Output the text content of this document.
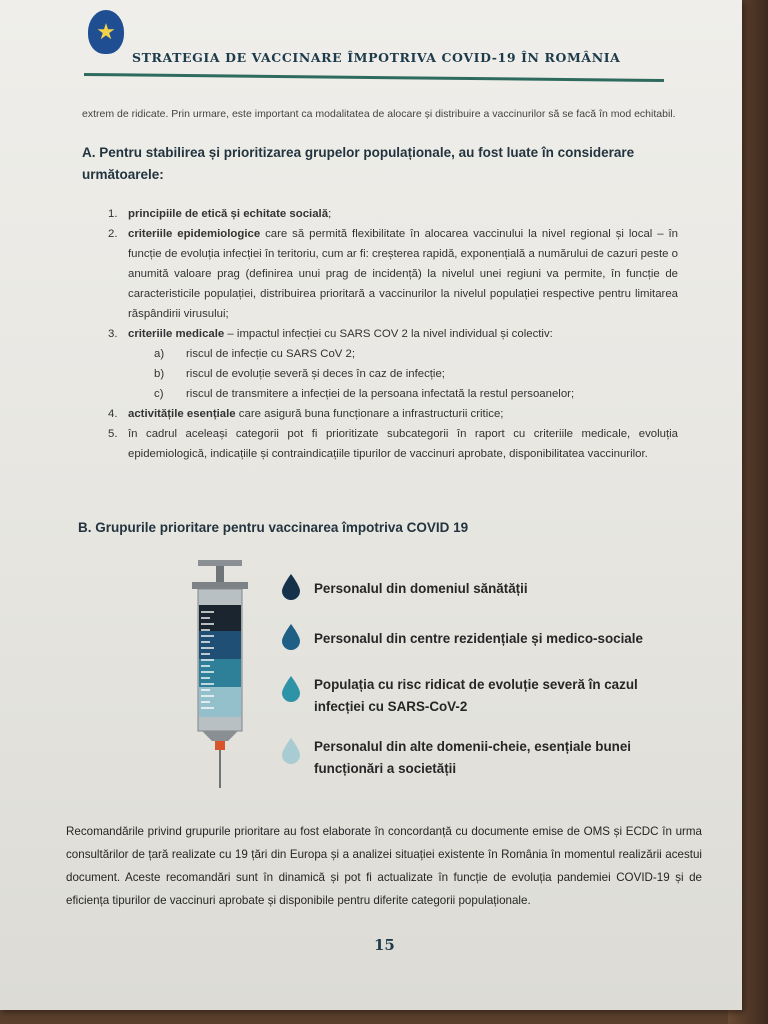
★
STRATEGIA DE VACCINARE ÎMPOTRIVA COVID-19 ÎN ROMÂNIA
extrem de ridicate. Prin urmare, este important ca modalitatea de alocare și distribuire a vaccinurilor să se facă în mod echitabil.
A. Pentru stabilirea și prioritizarea grupelor populaționale, au fost luate în considerare următoarele:
1. principiile de etică și echitate socială;
2. criteriile epidemiologice care să permită flexibilitate în alocarea vaccinului la nivel regional și local – în funcție de evoluția infecției în teritoriu, cum ar fi: creșterea rapidă, exponențială a numărului de cazuri peste o anumită valoare prag (definirea unui prag de incidență) la nivelul unei regiuni va permite, în funcție de caracteristicile populației, distribuirea prioritară a vaccinurilor la nivelul populației respective pentru limitarea răspândirii virusului;
3. criteriile medicale – impactul infecției cu SARS COV 2 la nivel individual și colectiv:
a) riscul de infecție cu SARS CoV 2;
b) riscul de evoluție severă și deces în caz de infecție;
c) riscul de transmitere a infecției de la persoana infectată la restul persoanelor;
4. activitățile esențiale care asigură buna funcționare a infrastructurii critice;
5. în cadrul aceleași categorii pot fi prioritizate subcategorii în raport cu criteriile medicale, evoluția epidemiologică, indicațiile și contraindicațiile tipurilor de vaccinuri aprobate, disponibilitatea vaccinurilor.
B. Grupurile prioritare pentru vaccinarea împotriva COVID 19
Personalul din domeniul sănătății
Personalul din centre rezidențiale și medico-sociale
Populația cu risc ridicat de evoluție severă în cazul infecției cu SARS-CoV-2
Personalul din alte domenii-cheie, esențiale bunei funcționări a societății
Recomandările privind grupurile prioritare au fost elaborate în concordanță cu documente emise de OMS și ECDC în urma consultărilor de țară realizate cu 19 țări din Europa și a analizei situației existente în România în momentul realizării acestui document. Aceste recomandări sunt în dinamică și pot fi actualizate în funcție de evoluția pandemiei COVID-19 și de eficiența tipurilor de vaccinuri aprobate și disponibile pentru diferite categorii populaționale.
15
